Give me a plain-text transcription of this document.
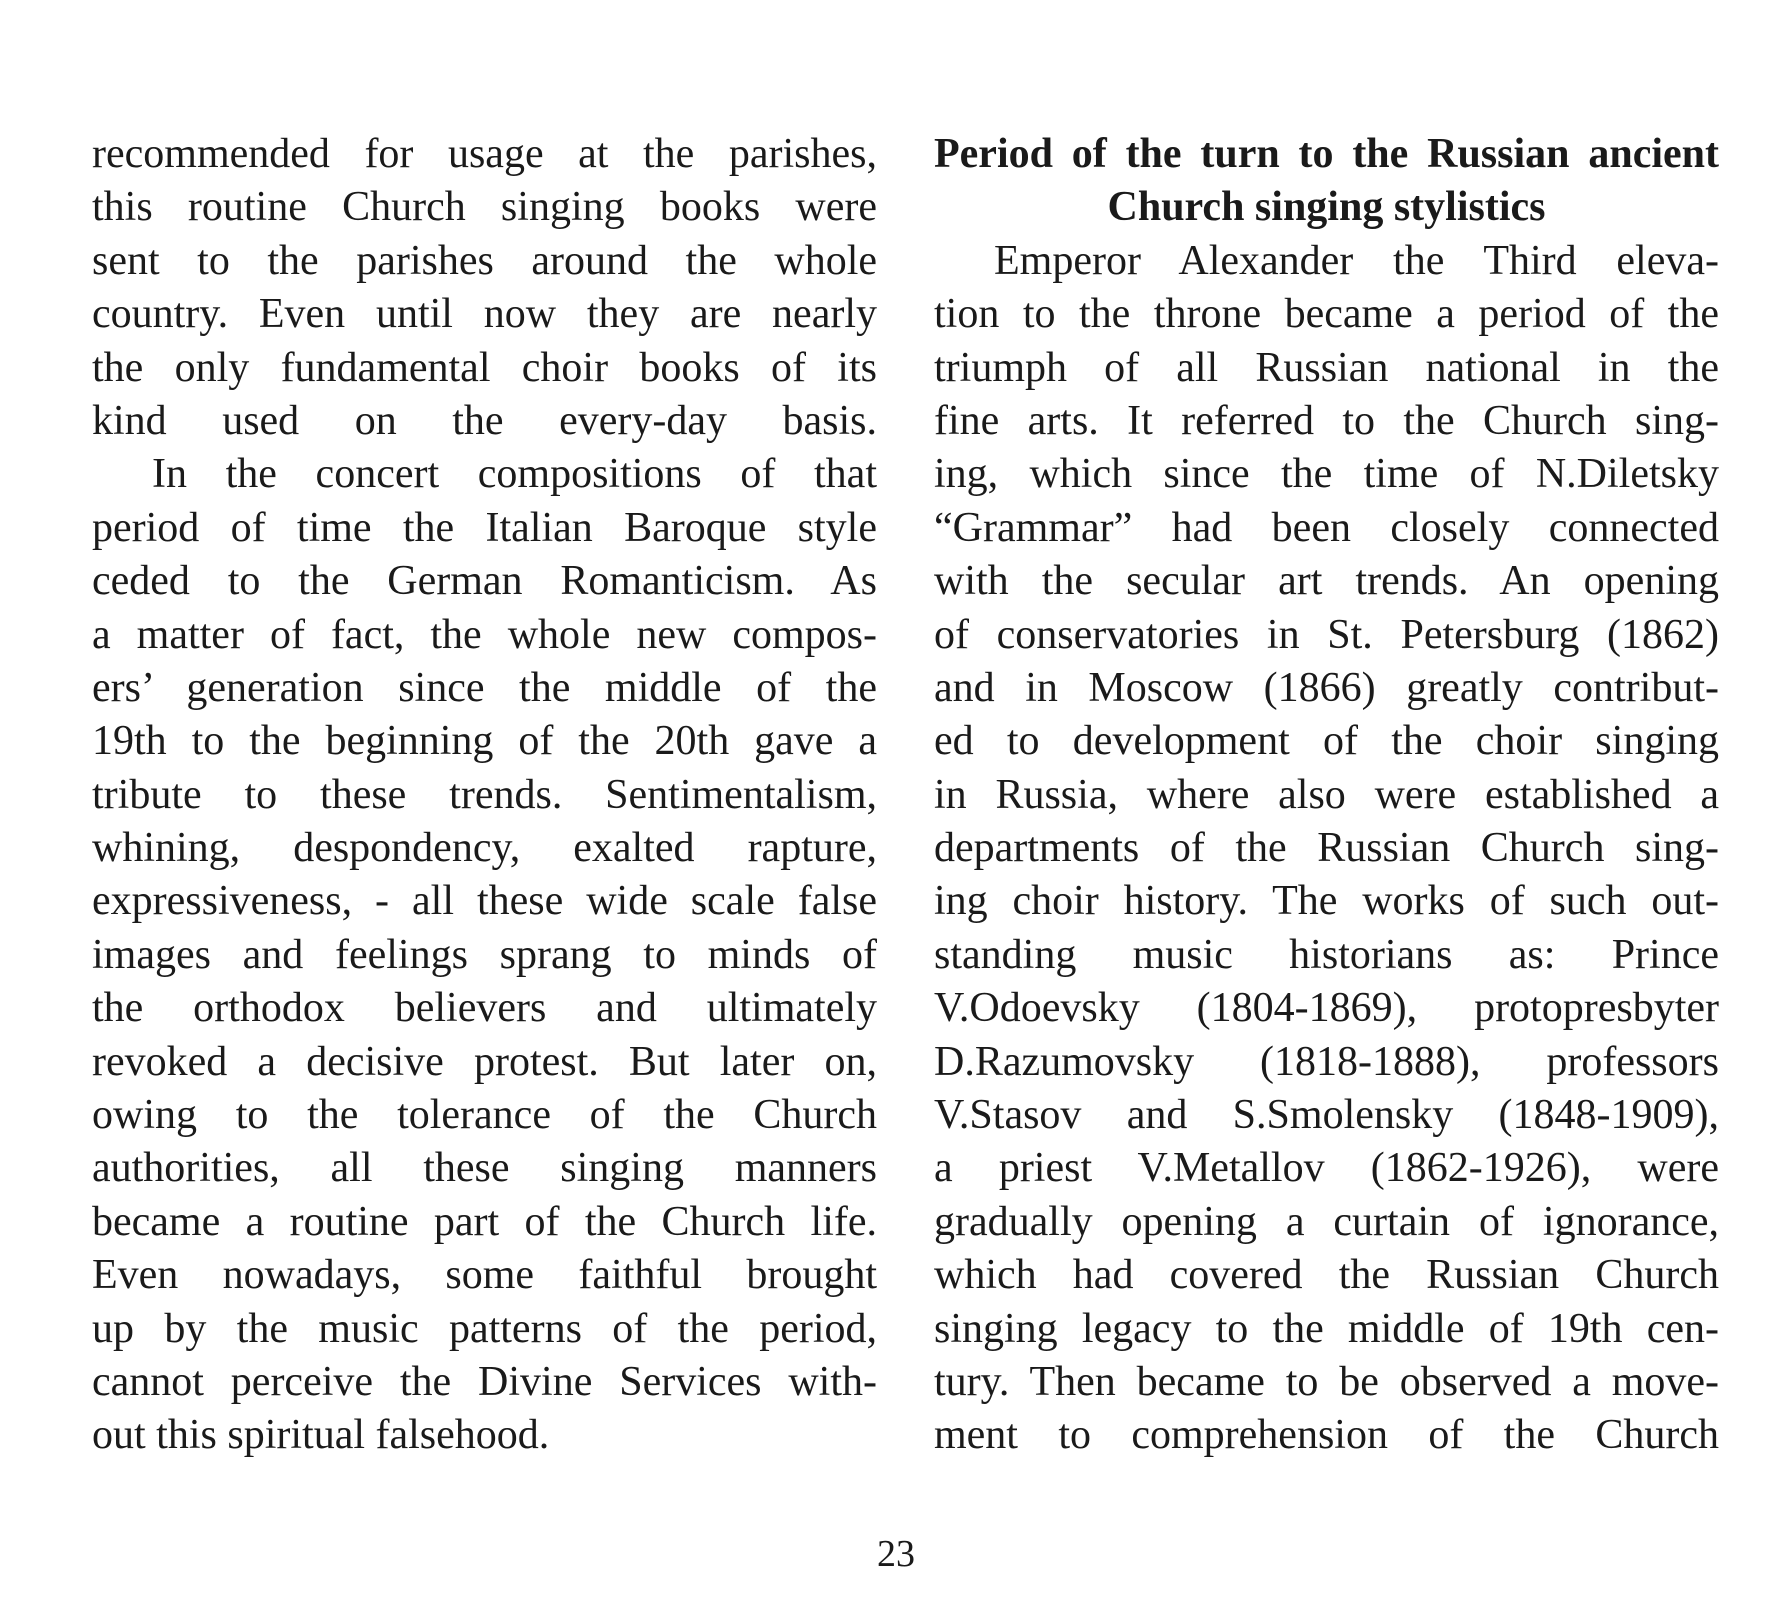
recommended for usage at the parishes,
this routine Church singing books were
sent to the parishes around the whole
country. Even until now they are nearly
the only fundamental choir books of its
kind used on the every-day basis.
In the concert compositions of that
period of time the Italian Baroque style
ceded to the German Romanticism. As
a matter of fact, the whole new compos-
ers’ generation since the middle of the
19th to the beginning of the 20th gave a
tribute to these trends. Sentimentalism,
whining, despondency, exalted rapture,
expressiveness, - all these wide scale false
images and feelings sprang to minds of
the orthodox believers and ultimately
revoked a decisive protest. But later on,
owing to the tolerance of the Church
authorities, all these singing manners
became a routine part of the Church life.
Even nowadays, some faithful brought
up by the music patterns of the period,
cannot perceive the Divine Services with-
out this spiritual falsehood.
Period of the turn to the Russian ancient
Church singing stylistics
Emperor Alexander the Third eleva-
tion to the throne became a period of the
triumph of all Russian national in the
fine arts. It referred to the Church sing-
ing, which since the time of N.Diletsky
“Grammar” had been closely connected
with the secular art trends. An opening
of conservatories in St. Petersburg (1862)
and in Moscow (1866) greatly contribut-
ed to development of the choir singing
in Russia, where also were established a
departments of the Russian Church sing-
ing choir history. The works of such out-
standing music historians as: Prince
V.Odoevsky (1804-1869), protopresbyter
D.Razumovsky (1818-1888), professors
V.Stasov and S.Smolensky (1848-1909),
a priest V.Metallov (1862-1926), were
gradually opening a curtain of ignorance,
which had covered the Russian Church
singing legacy to the middle of 19th cen-
tury. Then became to be observed a move-
ment to comprehension of the Church
23
